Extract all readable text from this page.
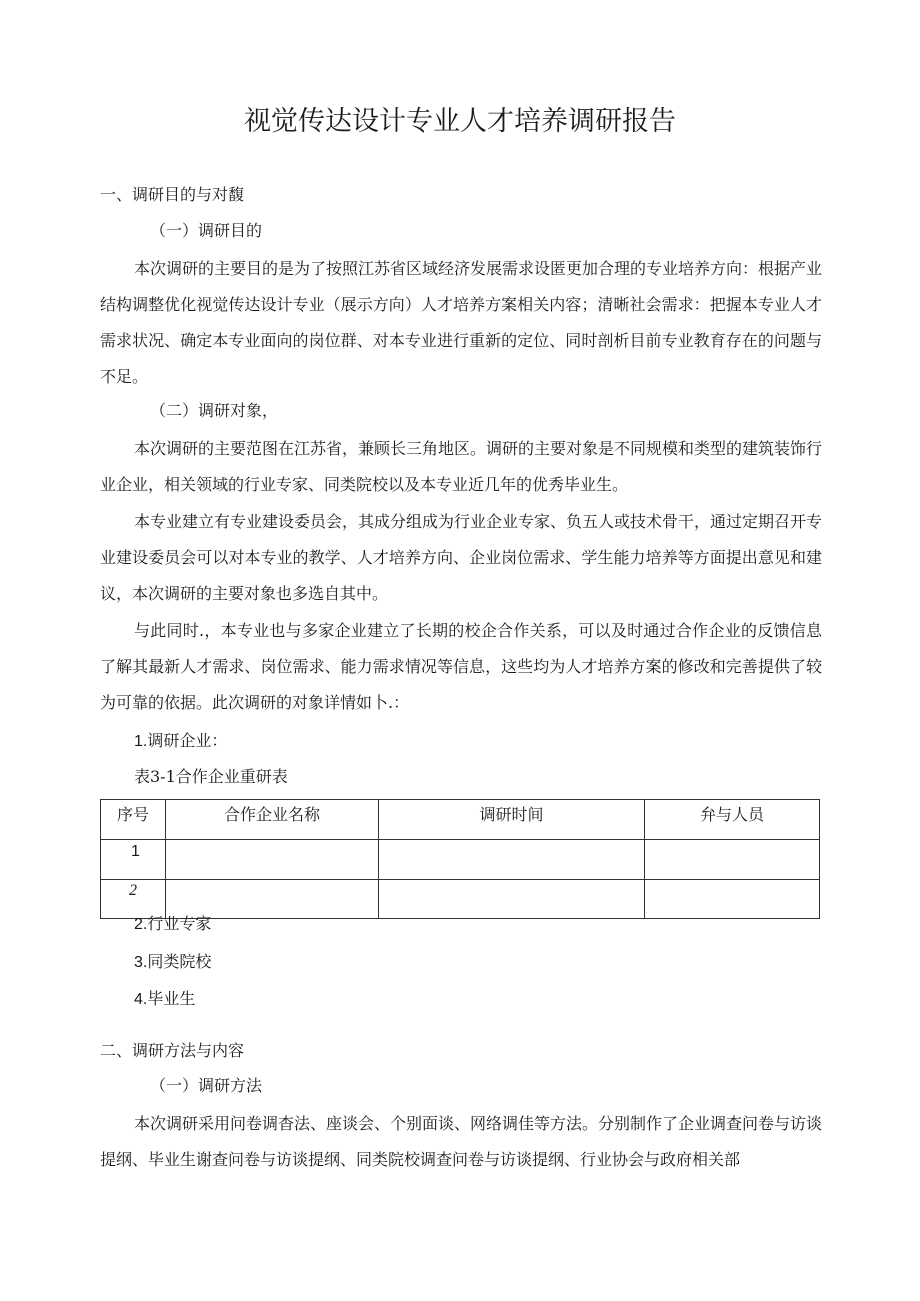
视觉传达设计专业人才培养调研报告
一、调研目的与对馥
（一）调研目的
本次调研的主要目的是为了按照江苏省区域经济发展需求设匿更加合理的专业培养方向：根据产业结构调整优化视觉传达设计专业（展示方向）人才培养方案相关内容；清晰社会需求：把握本专业人才需求状况、确定本专业面向的岗位群、对本专业进行重新的定位、同时剖析目前专业教育存在的问题与不足。
（二）调研对象，
本次调研的主要范图在江苏省，兼顾长三角地区。调研的主要对象是不同规模和类型的建筑装饰行业企业，相关领域的行业专家、同类院校以及本专业近几年的优秀毕业生。
本专业建立有专业建设委员会，其成分组成为行业企业专家、负五人或技术骨干，通过定期召开专业建设委员会可以对本专业的教学、人才培养方向、企业岗位需求、学生能力培养等方面提出意见和建议，本次调研的主要对象也多选自其中。
与此同时.，本专业也与多家企业建立了长期的校企合作关系，可以及时通过合作企业的反馈信息了解其最新人才需求、岗位需求、能力需求情况等信息，这些均为人才培养方案的修改和完善提供了较为可靠的依据。此次调研的对象详情如卜.：
1.调研企业：
表3-1合作企业重研表
序号	合作企业名称	调研时间	弁与人员
1			
2			
2.行业专家
3.同类院校
4.毕业生
二、调研方法与内容
（一）调研方法
本次调研采用问卷调杳法、座谈会、个别面谈、网络调佳等方法。分别制作了企业调查问卷与访谈提纲、毕业生谢查问卷与访谈提纲、同类院校调查问卷与访谈提纲、行业协会与政府相关部
